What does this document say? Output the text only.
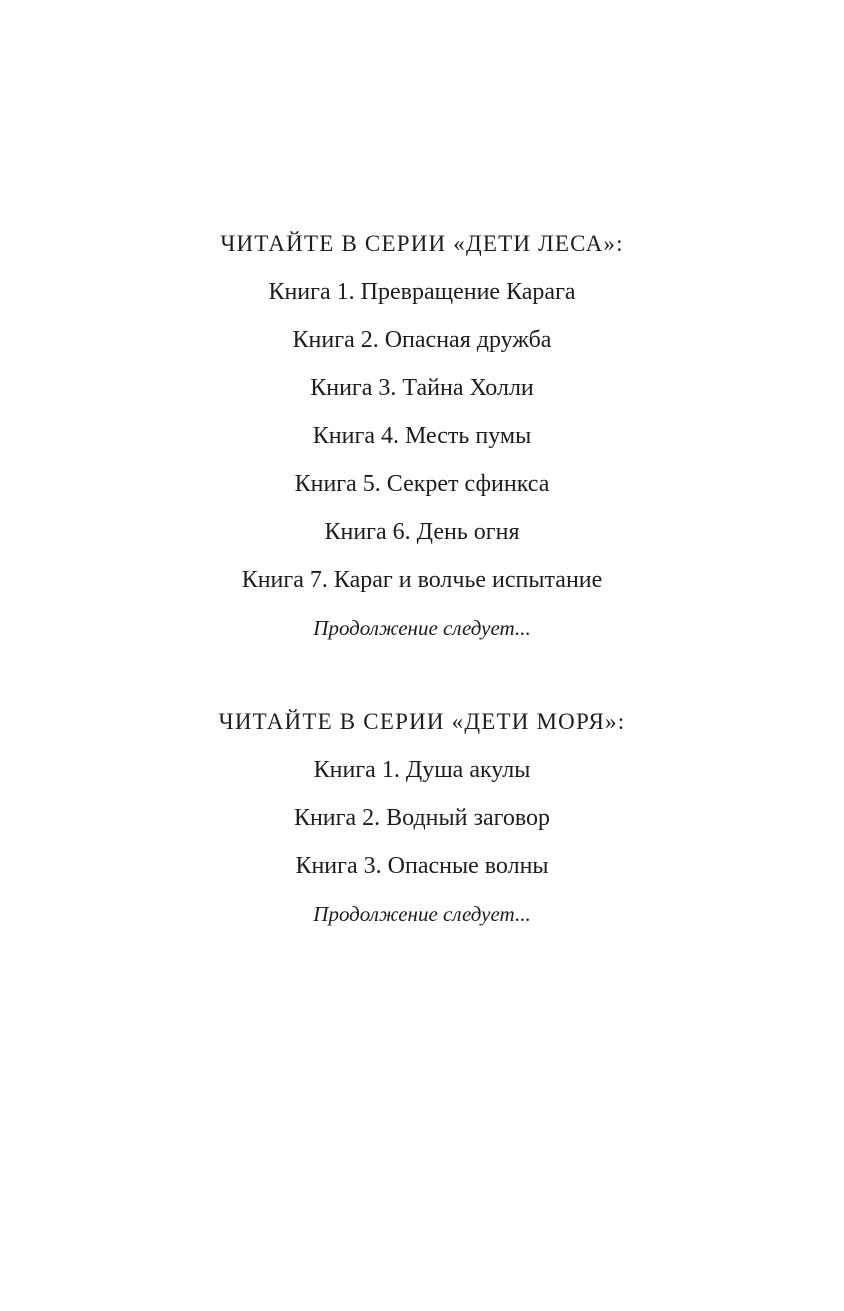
ЧИТАЙТЕ В СЕРИИ «ДЕТИ ЛЕСА»:
Книга 1. Превращение Карага
Книга 2. Опасная дружба
Книга 3. Тайна Холли
Книга 4. Месть пумы
Книга 5. Секрет сфинкса
Книга 6. День огня
Книга 7. Караг и волчье испытание
Продолжение следует...
ЧИТАЙТЕ В СЕРИИ «ДЕТИ МОРЯ»:
Книга 1. Душа акулы
Книга 2. Водный заговор
Книга 3. Опасные волны
Продолжение следует...
